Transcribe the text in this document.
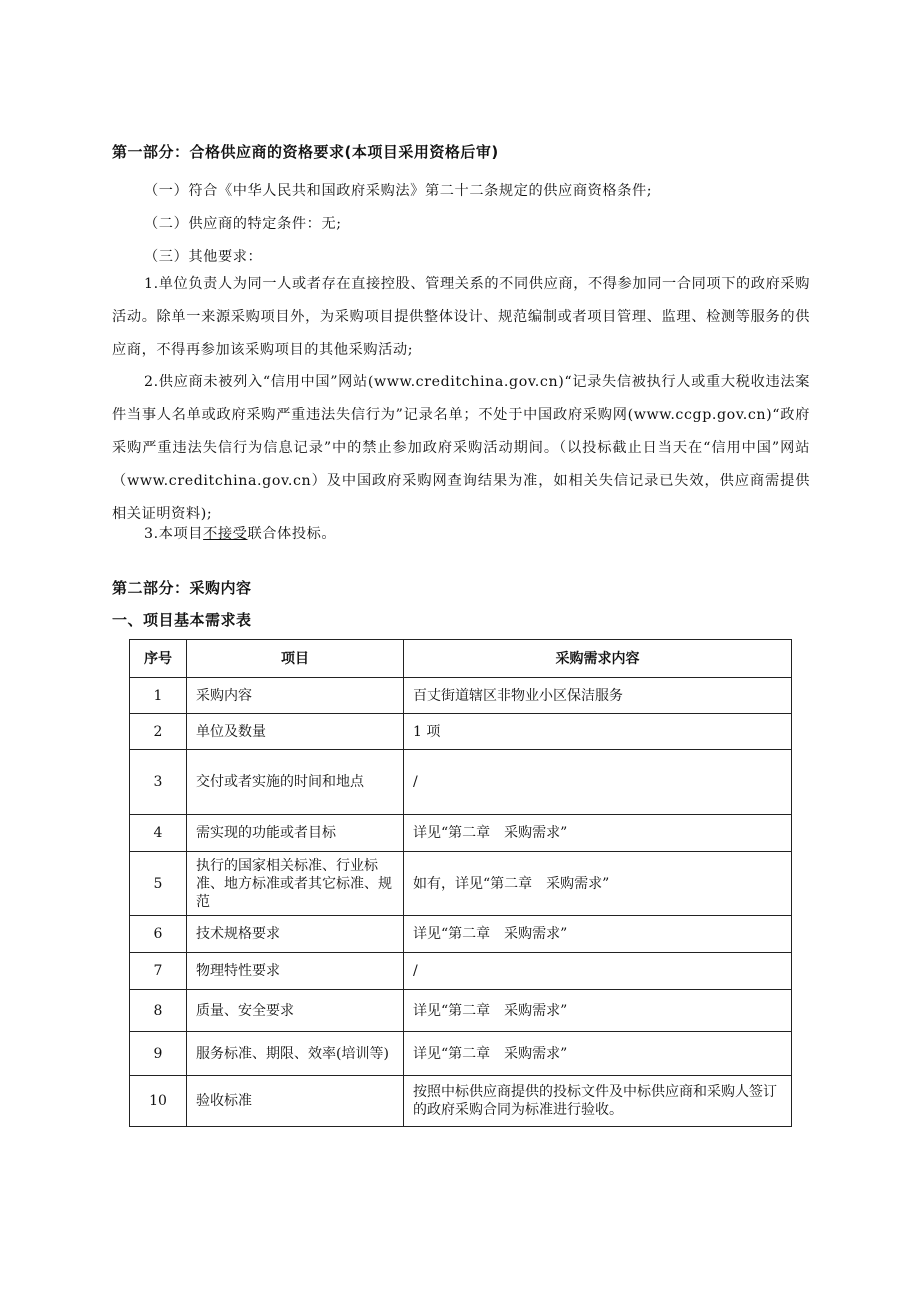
第一部分：合格供应商的资格要求(本项目采用资格后审)
（一）符合《中华人民共和国政府采购法》第二十二条规定的供应商资格条件;
（二）供应商的特定条件：无;
（三）其他要求：
1.单位负责人为同一人或者存在直接控股、管理关系的不同供应商，不得参加同一合同项下的政府采购活动。除单一来源采购项目外，为采购项目提供整体设计、规范编制或者项目管理、监理、检测等服务的供应商，不得再参加该采购项目的其他采购活动;
2.供应商未被列入“信用中国”网站(www.creditchina.gov.cn)“记录失信被执行人或重大税收违法案件当事人名单或政府采购严重违法失信行为”记录名单；不处于中国政府采购网(www.ccgp.gov.cn)“政府采购严重违法失信行为信息记录”中的禁止参加政府采购活动期间。（以投标截止日当天在“信用中国”网站（www.creditchina.gov.cn）及中国政府采购网查询结果为准，如相关失信记录已失效，供应商需提供相关证明资料);
3.本项目不接受联合体投标。
第二部分：采购内容
一、项目基本需求表
序号	项目	采购需求内容
1	采购内容	百丈街道辖区非物业小区保洁服务
2	单位及数量	1 项
3	交付或者实施的时间和地点	/
4	需实现的功能或者目标	详见“第二章　采购需求”
5	执行的国家相关标准、行业标准、地方标准或者其它标准、规范	如有，详见“第二章　采购需求”
6	技术规格要求	详见“第二章　采购需求”
7	物理特性要求	/
8	质量、安全要求	详见“第二章　采购需求”
9	服务标准、期限、效率(培训等)	详见“第二章　采购需求”
10	验收标准	按照中标供应商提供的投标文件及中标供应商和采购人签订的政府采购合同为标准进行验收。
